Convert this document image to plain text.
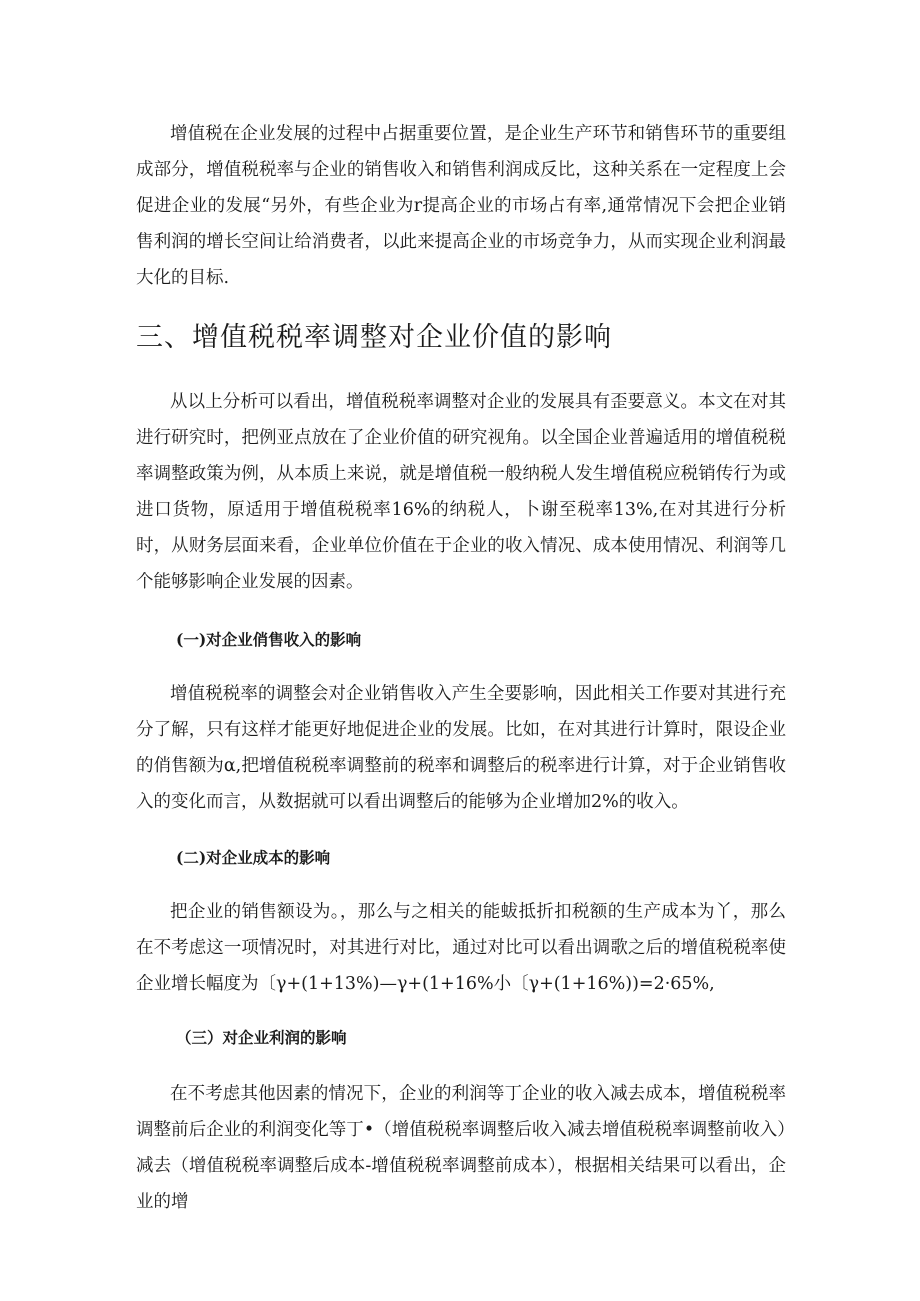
增值税在企业发展的过程中占据重要位置，是企业生产环节和销售环节的重要组成部分，增值税税率与企业的销售收入和销售利润成反比，这种关系在一定程度上会促进企业的发展“另外，有些企业为r提高企业的市场占有率,通常情况下会把企业销售利润的增长空间让给消费者，以此来提高企业的市场竞争力，从而实现企业利润最大化的目标.

三、增值税税率调整对企业价值的影响

从以上分析可以看出，增值税税率调整对企业的发展具有歪要意义。本文在对其进行研究时，把例亚点放在了企业价值的研究视角。以全国企业普遍适用的增值税税率调整政策为例，从本质上来说，就是增值税一般纳税人发生增值税应税销传行为或进口货物，原适用于增值税税率16%的纳税人，卜谢至税率13%,在对其进行分析时，从财务层面来看，企业单位价值在于企业的收入情况、成本使用情况、利润等几个能够影响企业发展的因素。

(一)对企业俏售收入的影响

增值税税率的调整会对企业销售收入产生全要影响，因此相关工作要对其进行充分了解，只有这样才能更好地促进企业的发展。比如，在对其进行计算时，限设企业的俏售额为α,把增值税税率调整前的税率和调整后的税率进行计算，对于企业销售收入的变化而言，从数据就可以看出调整后的能够为企业增加2%的收入。

(二)对企业成本的影响

把企业的销售额设为。，那么与之相关的能蛂抵折扣税额的生产成本为丫，那么在不考虑这一项情况时，对其进行对比，通过对比可以看出调歌之后的增值税税率使企业增长幅度为〔γ+(1+13%)—γ+(1+16%小〔γ+(1+16%))=2·65%,

（三）对企业利润的影响

在不考虑其他因素的情况下，企业的利润等丁企业的收入减去成本，增值税税率调整前后企业的利润变化等丁•（增值税税率调整后收入减去增值税税率调整前收入）减去（增值税税率调整后成本-增值税税率调整前成本），根据相关结果可以看出，企业的增
